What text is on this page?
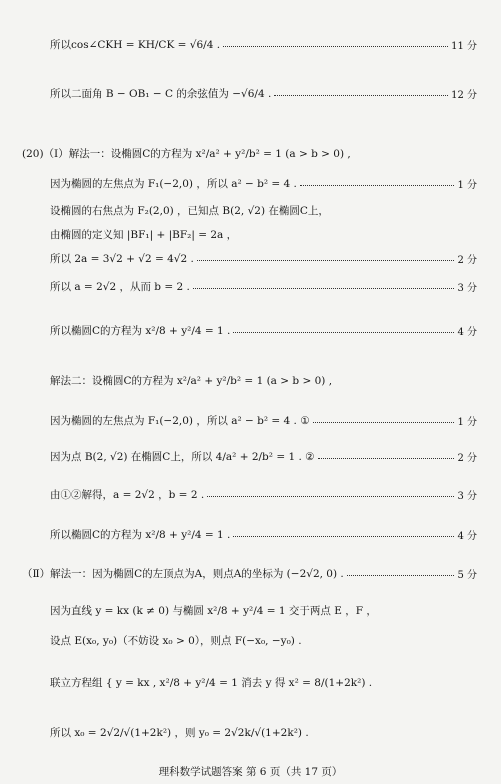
所以cos∠CKH = KH/CK = √6/4 .	11 分
所以二面角 B − OB₁ − C 的余弦值为 −√6/4 .	12 分
(20)（Ⅰ）解法一：设椭圆C的方程为 x²/a² + y²/b² = 1 (a > b > 0) ,
因为椭圆的左焦点为 F₁(−2,0) ，所以 a² − b² = 4 .	1 分
设椭圆的右焦点为 F₂(2,0) ，已知点 B(2, √2) 在椭圆C上，
由椭圆的定义知 |BF₁| + |BF₂| = 2a ，
所以 2a = 3√2 + √2 = 4√2 .	2 分
所以 a = 2√2 ，从而 b = 2 .	3 分
所以椭圆C的方程为 x²/8 + y²/4 = 1 .	4 分
解法二：设椭圆C的方程为 x²/a² + y²/b² = 1 (a > b > 0) ,
因为椭圆的左焦点为 F₁(−2,0) ，所以 a² − b² = 4 . ①	1 分
因为点 B(2, √2) 在椭圆C上，所以 4/a² + 2/b² = 1 . ②	2 分
由①②解得，a = 2√2 ，b = 2 .	3 分
所以椭圆C的方程为 x²/8 + y²/4 = 1 .	4 分
（Ⅱ）解法一：因为椭圆C的左顶点为A，则点A的坐标为 (−2√2, 0) .	5 分
因为直线 y = kx (k ≠ 0) 与椭圆 x²/8 + y²/4 = 1 交于两点 E ，F ，
设点 E(x₀, y₀)（不妨设 x₀ > 0），则点 F(−x₀, −y₀) .
联立方程组 { y = kx , x²/8 + y²/4 = 1 消去 y 得 x² = 8/(1+2k²) .
所以 x₀ = 2√2/√(1+2k²) ，则 y₀ = 2√2k/√(1+2k²) .
理科数学试题答案 第 6 页（共 17 页）
